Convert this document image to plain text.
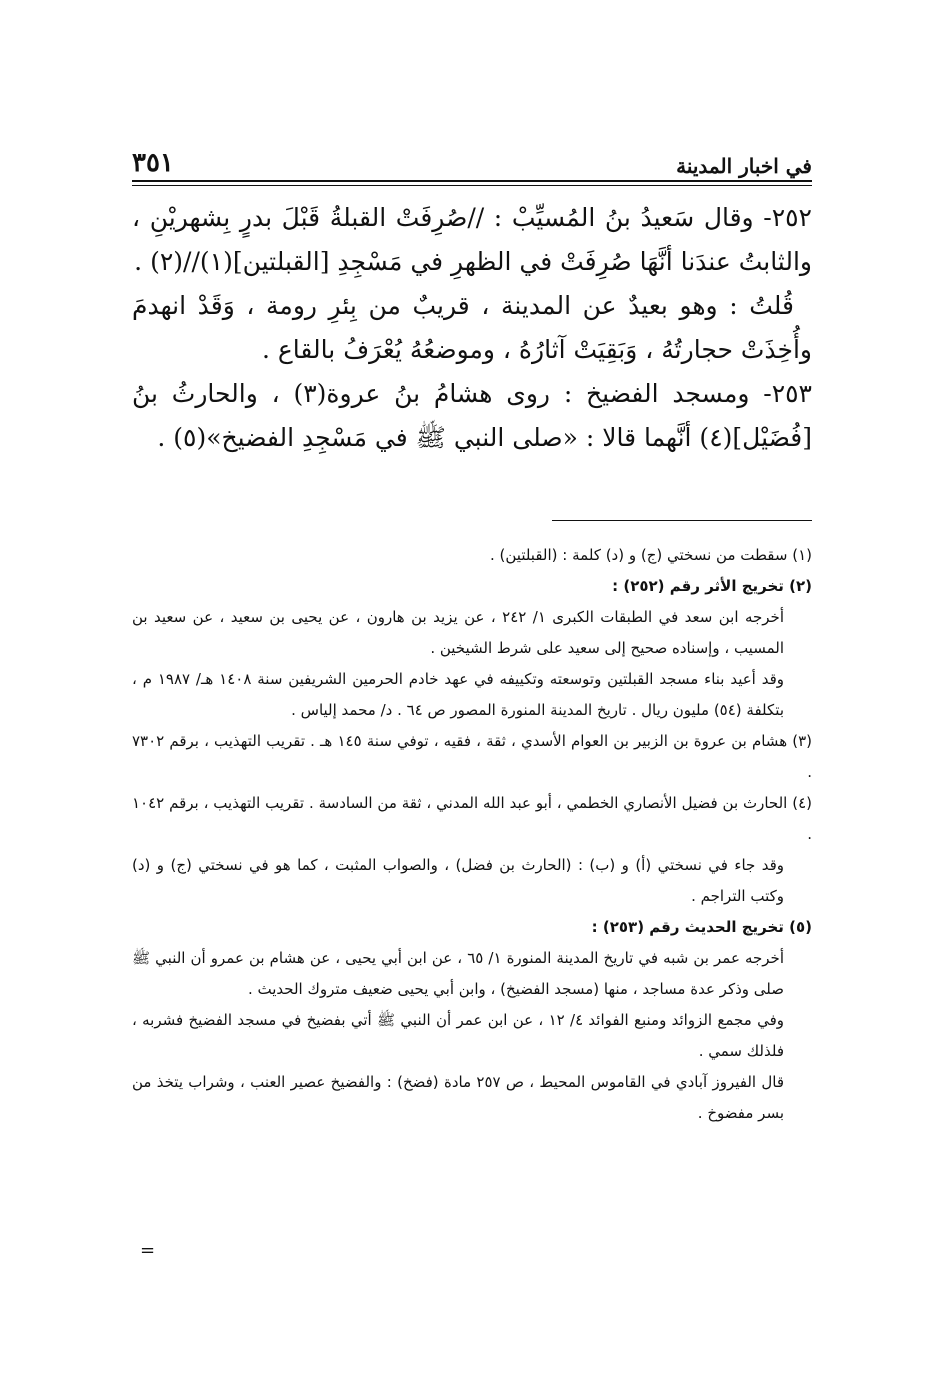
٣٥١	في اخبار المدينة

٢٥٢- وقال سَعيدُ بنُ المُسيِّبْ : //صُرِفَتْ القبلةُ قَبْلَ بدرٍ بِشهريْنِ ، والثابتُ عندَنا أنَّهَا صُرِفَتْ في الظهرِ في مَسْجِدِ [القبلتين](١)//(٢) .

قُلتُ : وهو بعيدٌ عن المدينة ، قريبٌ من بِئرِ رومة ، وَقَدْ انهدمَ وأُخِذَتْ حجارتُهُ ، وَبَقِيَتْ آثارُهُ ، وموضعُهُ يُعْرَفُ بالقاع .

٢٥٣- ومسجد الفضيخ : روى هشامُ بنُ عروة(٣) ، والحارثُ بنُ [فُضَيْل](٤) أنَّهما قالا : «صلى النبي ﷺ في مَسْجِدِ الفضيخ»(٥) .

(١) سقطت من نسختي (ج) و (د) كلمة : (القبلتين) .

(٢) تخريج الأثر رقم (٢٥٢) :

أخرجه ابن سعد في الطبقات الكبرى ١/ ٢٤٢ ، عن يزيد بن هارون ، عن يحيى بن سعيد ، عن سعيد بن المسيب ، وإسناده صحيح إلى سعيد على شرط الشيخين .

وقد أعيد بناء مسجد القبلتين وتوسعته وتكييفه في عهد خادم الحرمين الشريفين سنة ١٤٠٨ هـ/ ١٩٨٧ م ، بتكلفة (٥٤) مليون ريال . تاريخ المدينة المنورة المصور ص ٦٤ . د/ محمد إلياس .

(٣) هشام بن عروة بن الزبير بن العوام الأسدي ، ثقة ، فقيه ، توفي سنة ١٤٥ هـ . تقريب التهذيب ، برقم ٧٣٠٢ .

(٤) الحارث بن فضيل الأنصاري الخطمي ، أبو عبد الله المدني ، ثقة من السادسة . تقريب التهذيب ، برقم ١٠٤٢ .

وقد جاء في نسختي (أ) و (ب) : (الحارث بن فضل) ، والصواب المثبت ، كما هو في نسختي (ج) و (د) وكتب التراجم .

(٥) تخريج الحديث رقم (٢٥٣) :

أخرجه عمر بن شبه في تاريخ المدينة المنورة ١/ ٦٥ ، عن ابن أبي يحيى ، عن هشام بن عمرو أن النبي ﷺ صلى وذكر عدة مساجد ، منها (مسجد الفضيخ) ، وابن أبي يحيى ضعيف متروك الحديث .

وفي مجمع الزوائد ومنبع الفوائد ٤/ ١٢ ، عن ابن عمر أن النبي ﷺ أتي بفضيخ في مسجد الفضيخ فشربه ، فلذلك سمي .

قال الفيروز آبادي في القاموس المحيط ، ص ٢٥٧ مادة (فضخ) : والفضيخ عصير العنب ، وشراب يتخذ من بسر مفضوخ .

=
